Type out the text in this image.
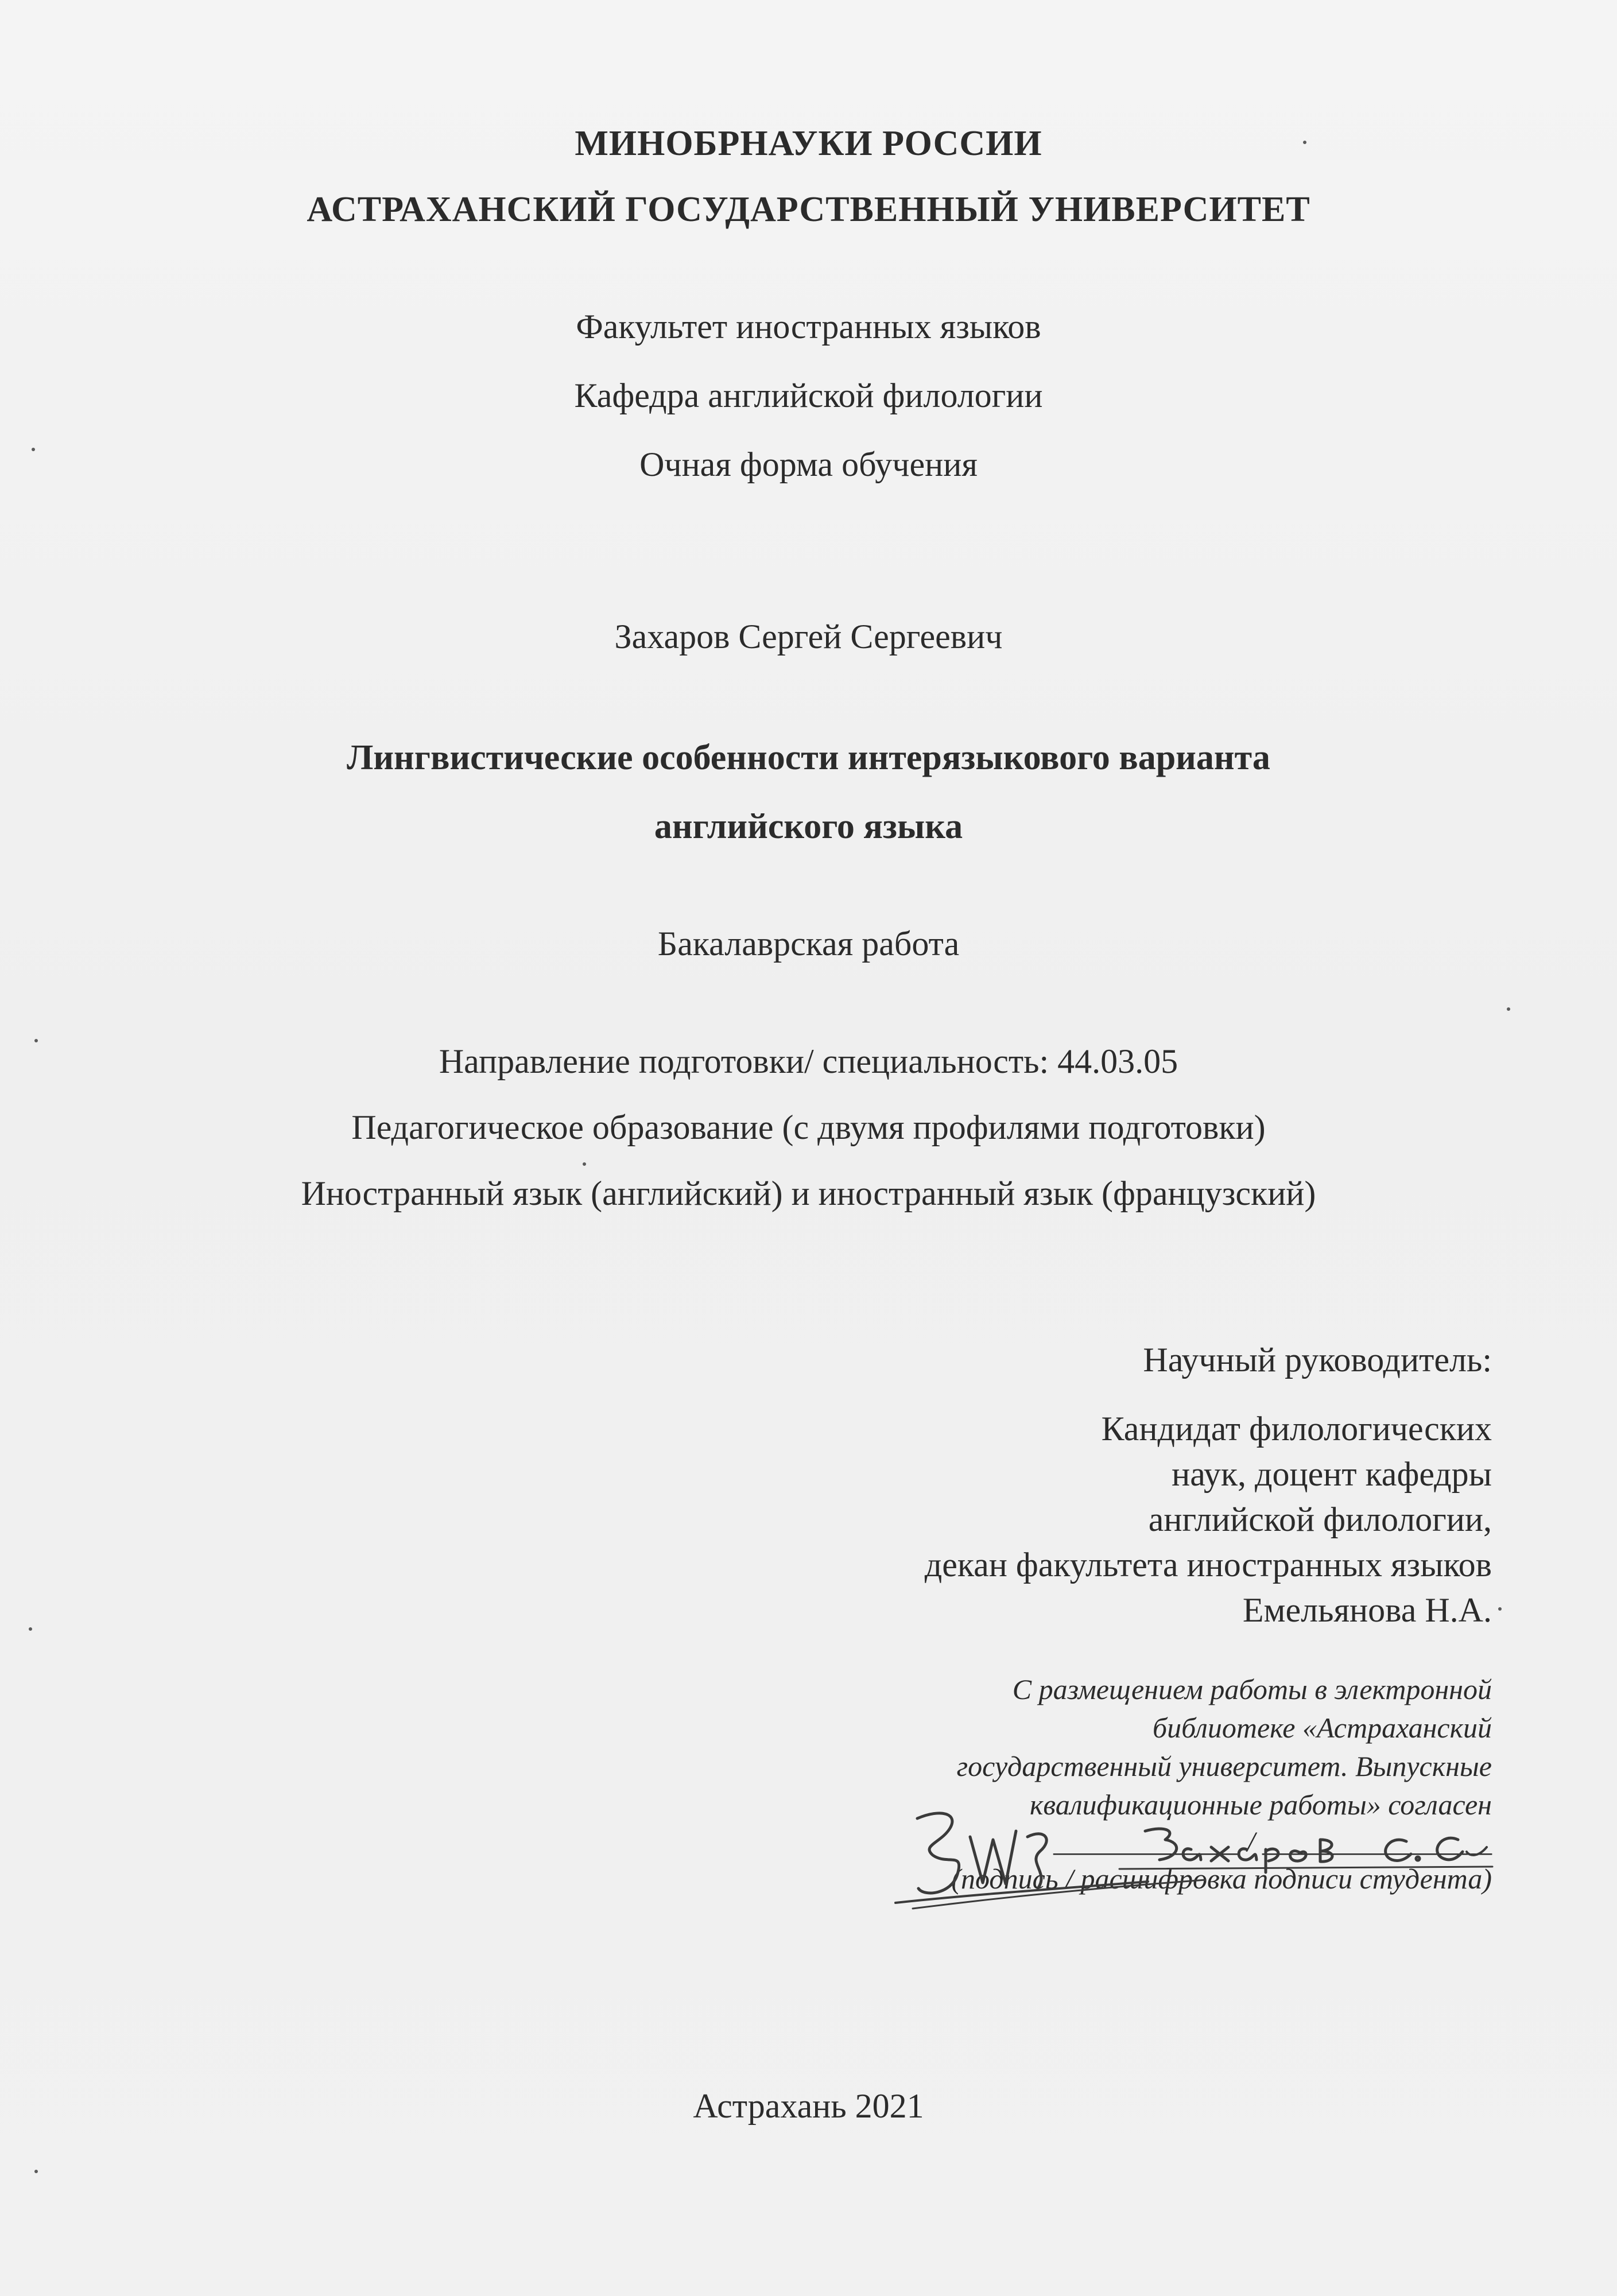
МИНОБРНАУКИ РОССИИ
АСТРАХАНСКИЙ ГОСУДАРСТВЕННЫЙ УНИВЕРСИТЕТ
Факультет иностранных языков
Кафедра английской филологии
Очная форма обучения
Захаров Сергей Сергеевич
Лингвистические особенности интерязыкового варианта
английского языка
Бакалаврская работа
Направление подготовки/ специальность: 44.03.05
Педагогическое образование (с двумя профилями подготовки)
Иностранный язык (английский) и иностранный язык (французский)
Научный руководитель:
Кандидат филологических
наук, доцент кафедры
английской филологии,
декан факультета иностранных языков
Емельянова Н.А.
С размещением работы в электронной
библиотеке «Астраханский
государственный университет. Выпускные
квалификационные работы» согласен
_____________ / ________________
(подпись / расшифровка подписи студента)
Астрахань 2021
